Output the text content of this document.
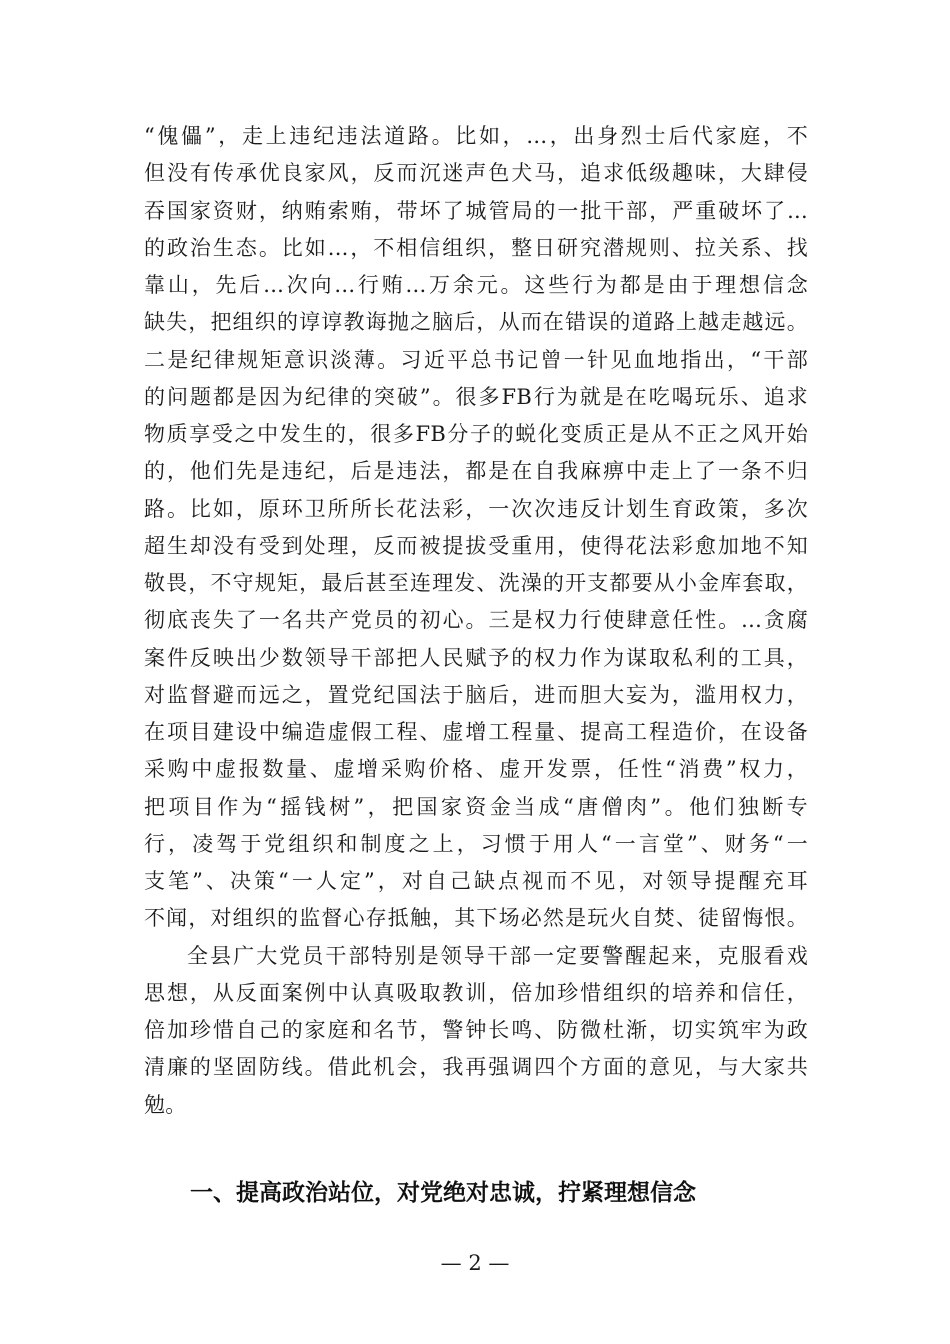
“傀儡”，走上违纪违法道路。比如，...，出身烈士后代家庭，不
但没有传承优良家风，反而沉迷声色犬马，追求低级趣味，大肆侵
吞国家资财，纳贿索贿，带坏了城管局的一批干部，严重破坏了...
的政治生态。比如...，不相信组织，整日研究潜规则、拉关系、找
靠山，先后...次向...行贿...万余元。这些行为都是由于理想信念
缺失，把组织的谆谆教诲抛之脑后，从而在错误的道路上越走越远。
二是纪律规矩意识淡薄。习近平总书记曾一针见血地指出，“干部
的问题都是因为纪律的突破”。很多FB行为就是在吃喝玩乐、追求
物质享受之中发生的，很多FB分子的蜕化变质正是从不正之风开始
的，他们先是违纪，后是违法，都是在自我麻痹中走上了一条不归
路。比如，原环卫所所长花法彩，一次次违反计划生育政策，多次
超生却没有受到处理，反而被提拔受重用，使得花法彩愈加地不知
敬畏，不守规矩，最后甚至连理发、洗澡的开支都要从小金库套取，
彻底丧失了一名共产党员的初心。三是权力行使肆意任性。...贪腐
案件反映出少数领导干部把人民赋予的权力作为谋取私利的工具，
对监督避而远之，置党纪国法于脑后，进而胆大妄为，滥用权力，
在项目建设中编造虚假工程、虚增工程量、提高工程造价，在设备
采购中虚报数量、虚增采购价格、虚开发票，任性“消费”权力，
把项目作为“摇钱树”，把国家资金当成“唐僧肉”。他们独断专
行，凌驾于党组织和制度之上，习惯于用人“一言堂”、财务“一
支笔”、决策“一人定”，对自己缺点视而不见，对领导提醒充耳
不闻，对组织的监督心存抵触，其下场必然是玩火自焚、徒留悔恨。
全县广大党员干部特别是领导干部一定要警醒起来，克服看戏
思想，从反面案例中认真吸取教训，倍加珍惜组织的培养和信任，
倍加珍惜自己的家庭和名节，警钟长鸣、防微杜渐，切实筑牢为政
清廉的坚固防线。借此机会，我再强调四个方面的意见，与大家共
勉。
一、提高政治站位，对党绝对忠诚，拧紧理想信念
— 2 —
